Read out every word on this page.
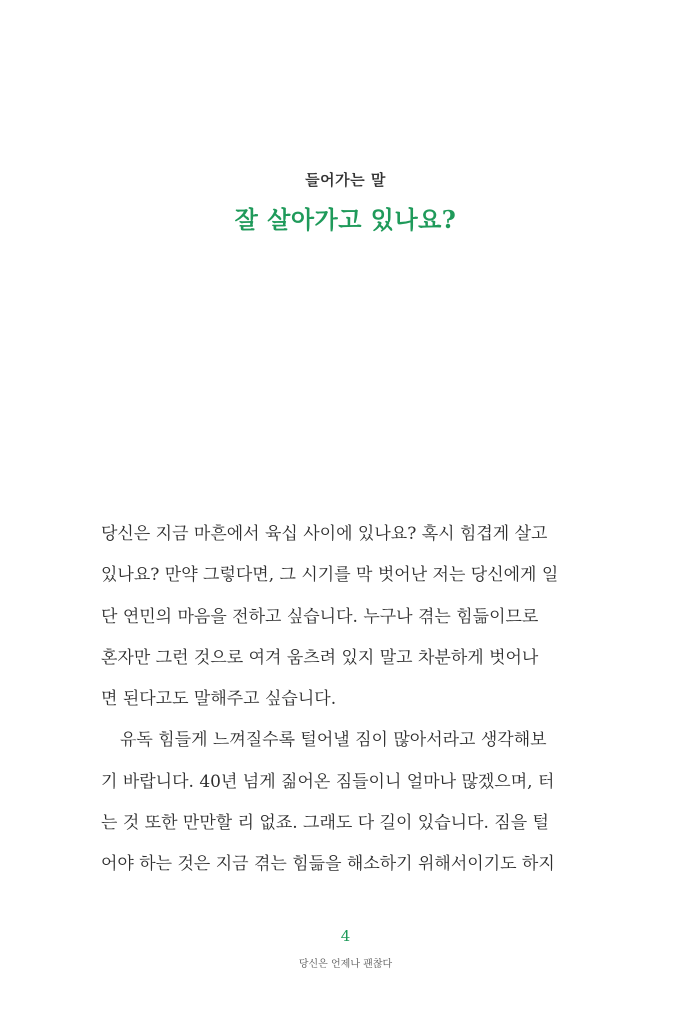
들어가는 말
잘 살아가고 있나요?
당신은 지금 마흔에서 육십 사이에 있나요? 혹시 힘겹게 살고
있나요? 만약 그렇다면, 그 시기를 막 벗어난 저는 당신에게 일
단 연민의 마음을 전하고 싶습니다. 누구나 겪는 힘듦이므로
혼자만 그런 것으로 여겨 움츠려 있지 말고 차분하게 벗어나
면 된다고도 말해주고 싶습니다.
유독 힘들게 느껴질수록 털어낼 짐이 많아서라고 생각해보
기 바랍니다. 40년 넘게 짊어온 짐들이니 얼마나 많겠으며, 터
는 것 또한 만만할 리 없죠. 그래도 다 길이 있습니다. 짐을 털
어야 하는 것은 지금 겪는 힘듦을 해소하기 위해서이기도 하지
4
당신은 언제나 괜찮다
